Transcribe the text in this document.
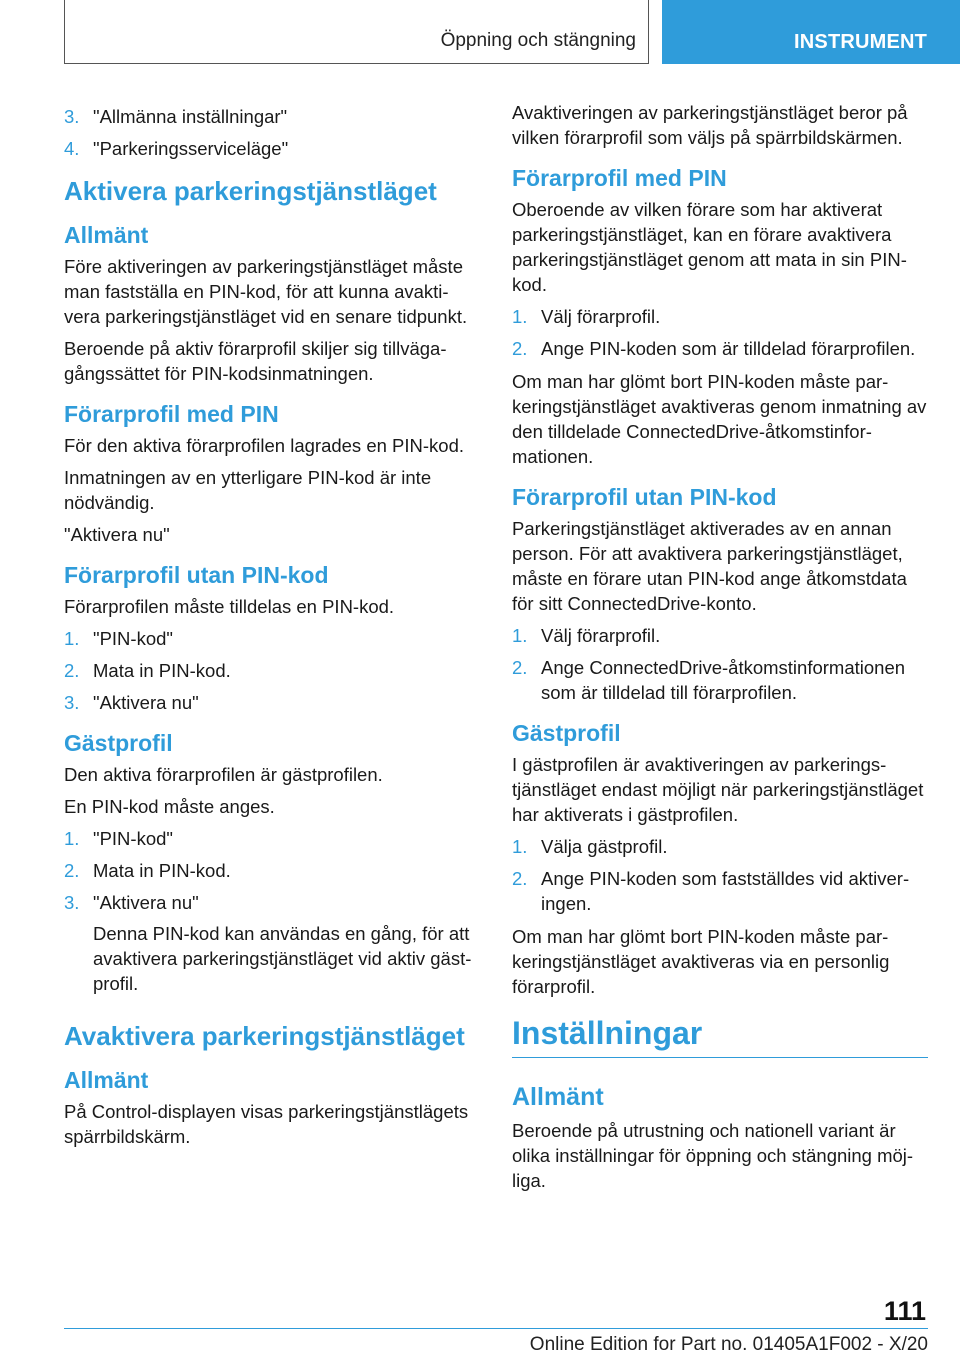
Öppning och stängning	INSTRUMENT
3. "Allmänna inställningar"
4. "Parkeringsserviceläge"
Aktivera parkeringstjänstläget
Allmänt

Före aktiveringen av parkeringstjänstläget måste man fastställa en PIN-kod, för att kunna avaktivera parkeringstjänstläget vid en senare tidpunkt.

Beroende på aktiv förarprofil skiljer sig tillvägagångssättet för PIN-kodsinmatningen.

Förarprofil med PIN

För den aktiva förarprofilen lagrades en PIN-kod.

Inmatningen av en ytterligare PIN-kod är inte nödvändig.

"Aktivera nu"

Förarprofil utan PIN-kod

Förarprofilen måste tilldelas en PIN-kod.

1. "PIN-kod"
2. Mata in PIN-kod.
3. "Aktivera nu"
Gästprofil

Den aktiva förarprofilen är gästprofilen.

En PIN-kod måste anges.

1. "PIN-kod"
2. Mata in PIN-kod.
3. "Aktivera nu"
Denna PIN-kod kan användas en gång, för att avaktivera parkeringstjänstläget vid aktiv gästprofil.
Avaktivera parkeringstjänstläget
Allmänt

På Control-displayen visas parkeringstjänstlägets spärrbildskärm.

Avaktiveringen av parkeringstjänstläget beror på vilken förarprofil som väljs på spärrbildskärmen.

Förarprofil med PIN

Oberoende av vilken förare som har aktiverat parkeringstjänstläget, kan en förare avaktivera parkeringstjänstläget genom att mata in sin PIN-kod.

1. Välj förarprofil.
2. Ange PIN-koden som är tilldelad förarprofilen.

Om man har glömt bort PIN-koden måste parkeringstjänstläget avaktiveras genom inmatning av den tilldelade ConnectedDrive-åtkomstinformationen.

Förarprofil utan PIN-kod

Parkeringstjänstläget aktiverades av en annan person. För att avaktivera parkeringstjänstläget, måste en förare utan PIN-kod ange åtkomstdata för sitt ConnectedDrive-konto.

1. Välj förarprofil.
2. Ange ConnectedDrive-åtkomstinformationen som är tilldelad till förarprofilen.
Gästprofil

I gästprofilen är avaktiveringen av parkeringstjänstläget endast möjligt när parkeringstjänstläget har aktiverats i gästprofilen.

1. Välja gästprofil.
2. Ange PIN-koden som fastställdes vid aktiveringen.

Om man har glömt bort PIN-koden måste parkeringstjänstläget avaktiveras via en personlig förarprofil.

Inställningar
Allmänt

Beroende på utrustning och nationell variant är olika inställningar för öppning och stängning möjliga.

111
Online Edition for Part no. 01405A1F002 - X/20
